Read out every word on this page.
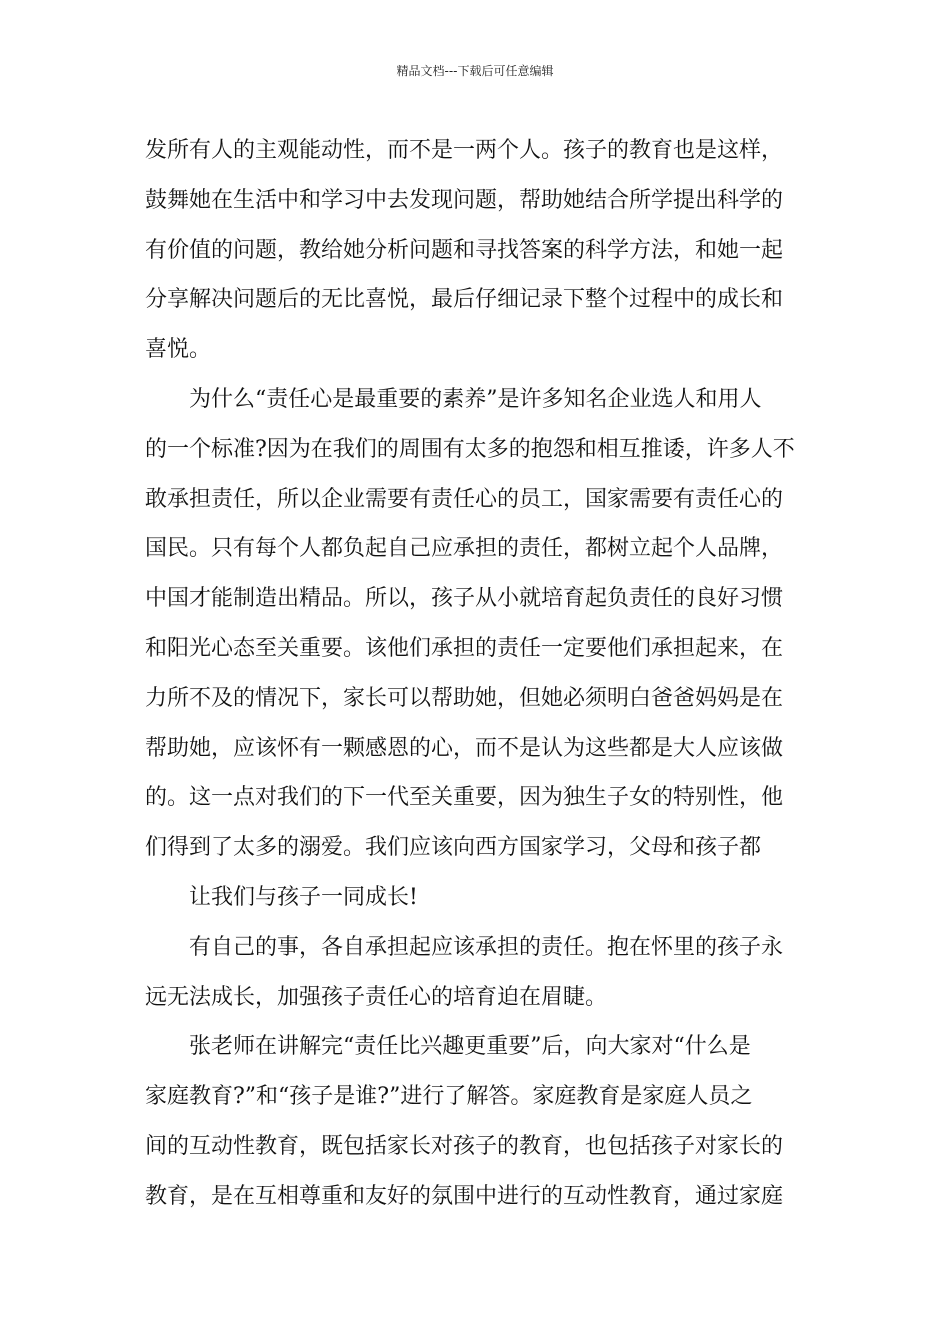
精品文档---下载后可任意编辑
发所有人的主观能动性，而不是一两个人。孩子的教育也是这样，
鼓舞她在生活中和学习中去发现问题，帮助她结合所学提出科学的
有价值的问题，教给她分析问题和寻找答案的科学方法，和她一起
分享解决问题后的无比喜悦，最后仔细记录下整个过程中的成长和
喜悦。
为什么“责任心是最重要的素养”是许多知名企业选人和用人
的一个标准?因为在我们的周围有太多的抱怨和相互推诿，许多人不
敢承担责任，所以企业需要有责任心的员工，国家需要有责任心的
国民。只有每个人都负起自己应承担的责任，都树立起个人品牌，
中国才能制造出精品。所以，孩子从小就培育起负责任的良好习惯
和阳光心态至关重要。该他们承担的责任一定要他们承担起来，在
力所不及的情况下，家长可以帮助她，但她必须明白爸爸妈妈是在
帮助她，应该怀有一颗感恩的心，而不是认为这些都是大人应该做
的。这一点对我们的下一代至关重要，因为独生子女的特别性，他
们得到了太多的溺爱。我们应该向西方国家学习，父母和孩子都
让我们与孩子一同成长!
有自己的事，各自承担起应该承担的责任。抱在怀里的孩子永
远无法成长，加强孩子责任心的培育迫在眉睫。
张老师在讲解完“责任比兴趣更重要”后，向大家对“什么是
家庭教育?”和“孩子是谁?”进行了解答。家庭教育是家庭人员之
间的互动性教育，既包括家长对孩子的教育，也包括孩子对家长的
教育，是在互相尊重和友好的氛围中进行的互动性教育，通过家庭
